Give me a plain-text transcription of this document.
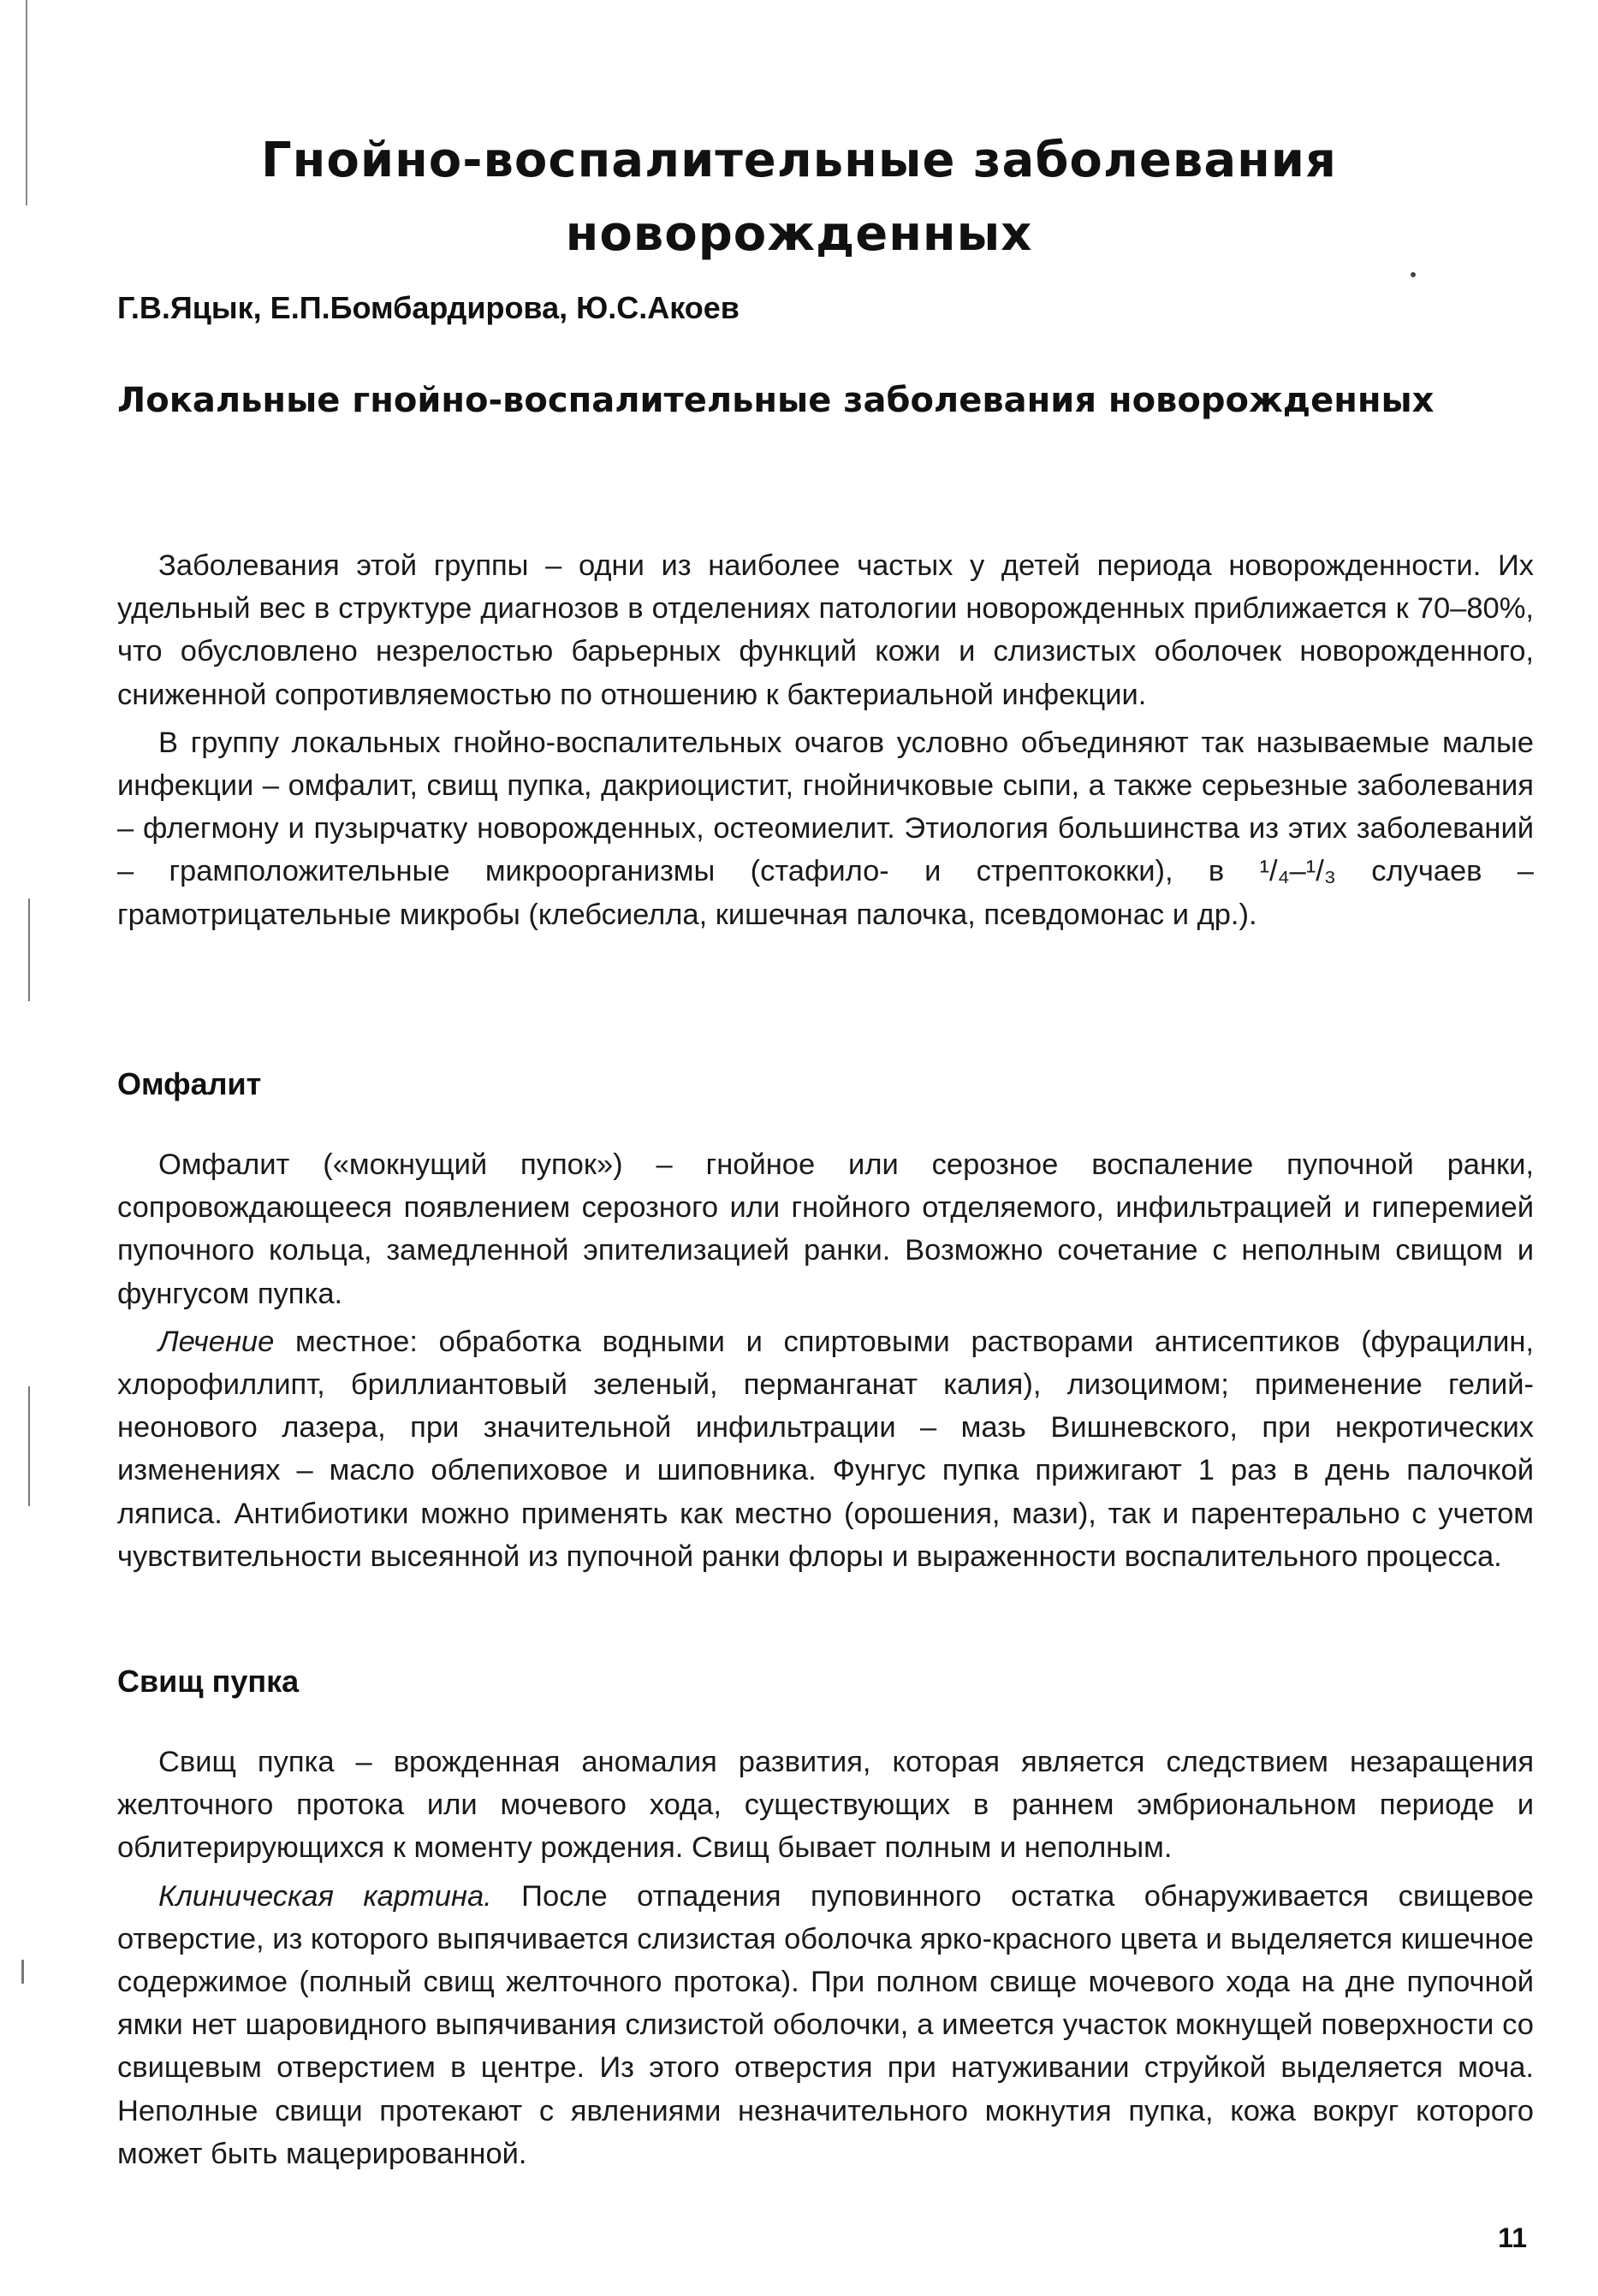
Гнойно-воспалительные заболевания
новорожденных

Г.В.Яцык, Е.П.Бомбардирова, Ю.С.Акоев

Локальные гнойно-воспалительные заболевания новорожденных

Заболевания этой группы – одни из наиболее частых у детей периода новорожденности. Их удельный вес в структуре диагнозов в отделениях патологии новорожденных приближается к 70–80%, что обусловлено незрелостью барьерных функций кожи и слизистых оболочек новорожденного, сниженной сопротивляемостью по отношению к бактериальной инфекции.

В группу локальных гнойно-воспалительных очагов условно объединяют так называемые малые инфекции – омфалит, свищ пупка, дакриоцистит, гнойничковые сыпи, а также серьезные заболевания – флегмону и пузырчатку новорожденных, остеомиелит. Этиология большинства из этих заболеваний – грамположительные микроорганизмы (стафило- и стрептококки), в ¹/₄–¹/₃ случаев – грамотрицательные микробы (клебсиелла, кишечная палочка, псевдомонас и др.).

Омфалит

Омфалит («мокнущий пупок») – гнойное или серозное воспаление пупочной ранки, сопровождающееся появлением серозного или гнойного отделяемого, инфильтрацией и гиперемией пупочного кольца, замедленной эпителизацией ранки. Возможно сочетание с неполным свищом и фунгусом пупка.

Лечение местное: обработка водными и спиртовыми растворами антисептиков (фурацилин, хлорофиллипт, бриллиантовый зеленый, перманганат калия), лизоцимом; применение гелий-неонового лазера, при значительной инфильтрации – мазь Вишневского, при некротических изменениях – масло облепиховое и шиповника. Фунгус пупка прижигают 1 раз в день палочкой ляписа. Антибиотики можно применять как местно (орошения, мази), так и парентерально с учетом чувствительности высеянной из пупочной ранки флоры и выраженности воспалительного процесса.

Свищ пупка

Свищ пупка – врожденная аномалия развития, которая является следствием незаращения желточного протока или мочевого хода, существующих в раннем эмбриональном периоде и облитерирующихся к моменту рождения. Свищ бывает полным и неполным.

Клиническая картина. После отпадения пуповинного остатка обнаруживается свищевое отверстие, из которого выпячивается слизистая оболочка ярко-красного цвета и выделяется кишечное содержимое (полный свищ желточного протока). При полном свище мочевого хода на дне пупочной ямки нет шаровидного выпячивания слизистой оболочки, а имеется участок мокнущей поверхности со свищевым отверстием в центре. Из этого отверстия при натуживании струйкой выделяется моча. Неполные свищи протекают с явлениями незначительного мокнутия пупка, кожа вокруг которого может быть мацерированной.

11
